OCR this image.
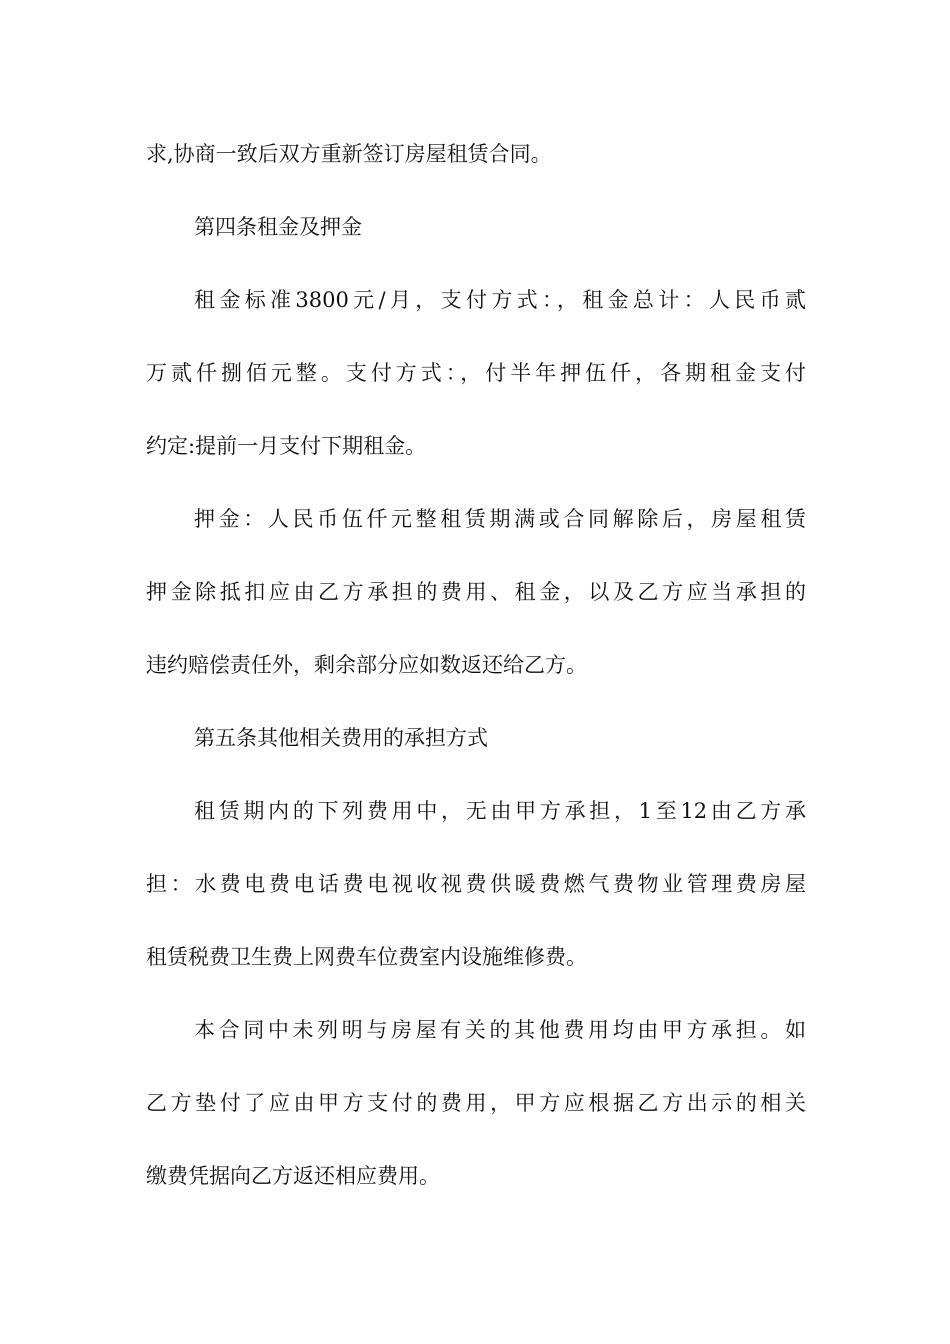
求,协商一致后双方重新签订房屋租赁合同。

第四条租金及押金

租金标准3800元/月，支付方式：，租金总计：人民币贰

万贰仟捌佰元整。支付方式：，付半年押伍仟，各期租金支付

约定:提前一月支付下期租金。

押金：人民币伍仟元整租赁期满或合同解除后，房屋租赁

押金除抵扣应由乙方承担的费用、租金，以及乙方应当承担的

违约赔偿责任外，剩余部分应如数返还给乙方。

第五条其他相关费用的承担方式

租赁期内的下列费用中，无由甲方承担，1至12由乙方承

担：水费电费电话费电视收视费供暖费燃气费物业管理费房屋

租赁税费卫生费上网费车位费室内设施维修费。

本合同中未列明与房屋有关的其他费用均由甲方承担。如

乙方垫付了应由甲方支付的费用，甲方应根据乙方出示的相关

缴费凭据向乙方返还相应费用。
